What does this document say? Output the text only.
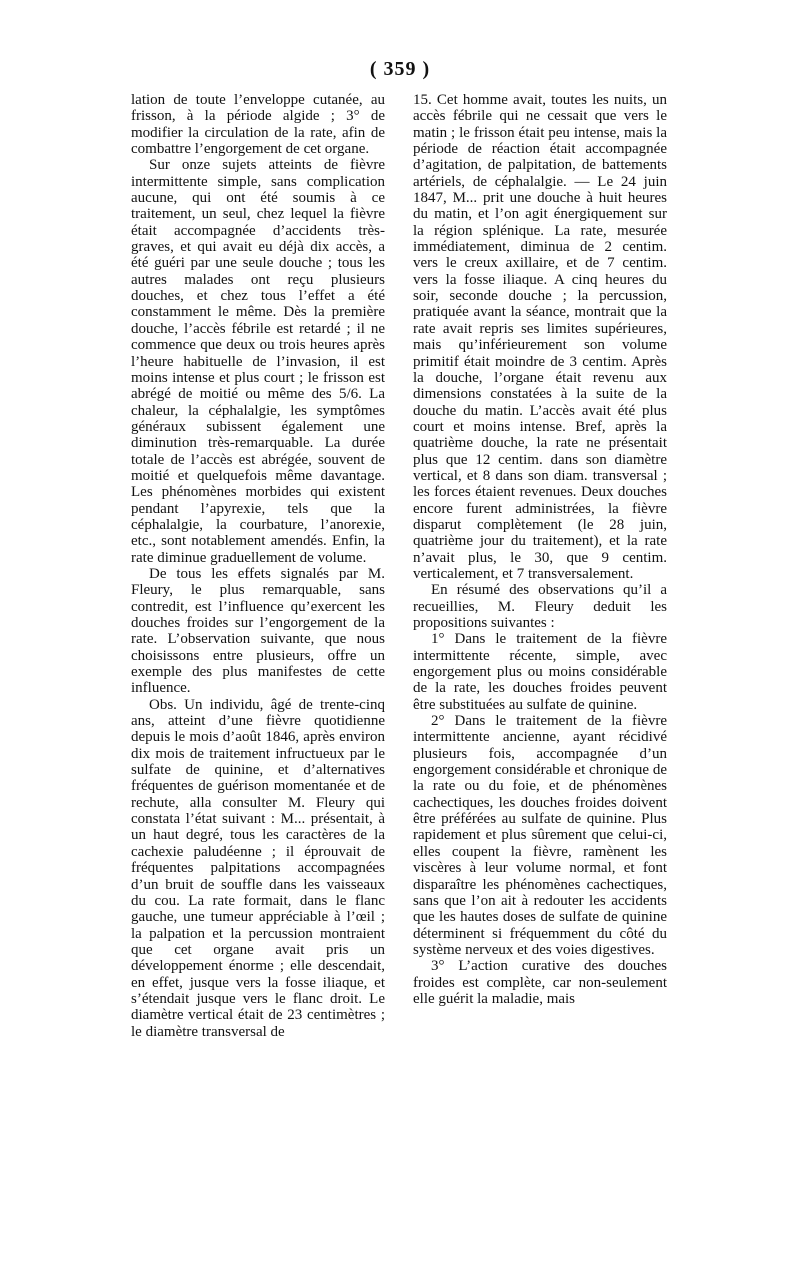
( 359 )

lation de toute l’enveloppe cutanée, au frisson, à la période algide ; 3° de modifier la circulation de la rate, afin de combattre l’engorgement de cet organe.

Sur onze sujets atteints de fièvre intermittente simple, sans complication aucune, qui ont été soumis à ce traitement, un seul, chez lequel la fièvre était accompagnée d’accidents très-graves, et qui avait eu déjà dix accès, a été guéri par une seule douche ; tous les autres malades ont reçu plusieurs douches, et chez tous l’effet a été constamment le même. Dès la première douche, l’accès fébrile est retardé ; il ne commence que deux ou trois heures après l’heure habituelle de l’invasion, il est moins intense et plus court ; le frisson est abrégé de moitié ou même des 5/6. La chaleur, la céphalalgie, les symptômes généraux subissent également une diminution très-remarquable. La durée totale de l’accès est abrégée, souvent de moitié et quelquefois même davantage. Les phénomènes morbides qui existent pendant l’apyrexie, tels que la céphalalgie, la courbature, l’anorexie, etc., sont notablement amendés. Enfin, la rate diminue graduellement de volume.

De tous les effets signalés par M. Fleury, le plus remarquable, sans contredit, est l’influence qu’exercent les douches froides sur l’engorgement de la rate. L’observation suivante, que nous choisissons entre plusieurs, offre un exemple des plus manifestes de cette influence.

Obs. Un individu, âgé de trente-cinq ans, atteint d’une fièvre quotidienne depuis le mois d’août 1846, après environ dix mois de traitement infructueux par le sulfate de quinine, et d’alternatives fréquentes de guérison momentanée et de rechute, alla consulter M. Fleury qui constata l’état suivant : M... présentait, à un haut degré, tous les caractères de la cachexie paludéenne ; il éprouvait de fréquentes palpitations accompagnées d’un bruit de souffle dans les vaisseaux du cou. La rate formait, dans le flanc gauche, une tumeur appréciable à l’œil ; la palpation et la percussion montraient que cet organe avait pris un développement énorme ; elle descendait, en effet, jusque vers la fosse iliaque, et s’étendait jusque vers le flanc droit. Le diamètre vertical était de 23 centimètres ; le diamètre transversal de

15. Cet homme avait, toutes les nuits, un accès fébrile qui ne cessait que vers le matin ; le frisson était peu intense, mais la période de réaction était accompagnée d’agitation, de palpitation, de battements artériels, de céphalalgie. — Le 24 juin 1847, M... prit une douche à huit heures du matin, et l’on agit énergiquement sur la région splénique. La rate, mesurée immédiatement, diminua de 2 centim. vers le creux axillaire, et de 7 centim. vers la fosse iliaque. A cinq heures du soir, seconde douche ; la percussion, pratiquée avant la séance, montrait que la rate avait repris ses limites supérieures, mais qu’inférieurement son volume primitif était moindre de 3 centim. Après la douche, l’organe était revenu aux dimensions constatées à la suite de la douche du matin. L’accès avait été plus court et moins intense. Bref, après la quatrième douche, la rate ne présentait plus que 12 centim. dans son diamètre vertical, et 8 dans son diam. transversal ; les forces étaient revenues. Deux douches encore furent administrées, la fièvre disparut complètement (le 28 juin, quatrième jour du traitement), et la rate n’avait plus, le 30, que 9 centim. verticalement, et 7 transversalement.

En résumé des observations qu’il a recueillies, M. Fleury deduit les propositions suivantes :

1° Dans le traitement de la fièvre intermittente récente, simple, avec engorgement plus ou moins considérable de la rate, les douches froides peuvent être substituées au sulfate de quinine.

2° Dans le traitement de la fièvre intermittente ancienne, ayant récidivé plusieurs fois, accompagnée d’un engorgement considérable et chronique de la rate ou du foie, et de phénomènes cachectiques, les douches froides doivent être préférées au sulfate de quinine. Plus rapidement et plus sûrement que celui-ci, elles coupent la fièvre, ramènent les viscères à leur volume normal, et font disparaître les phénomènes cachectiques, sans que l’on ait à redouter les accidents que les hautes doses de sulfate de quinine déterminent si fréquemment du côté du système nerveux et des voies digestives.

3° L’action curative des douches froides est complète, car non-seulement elle guérit la maladie, mais
